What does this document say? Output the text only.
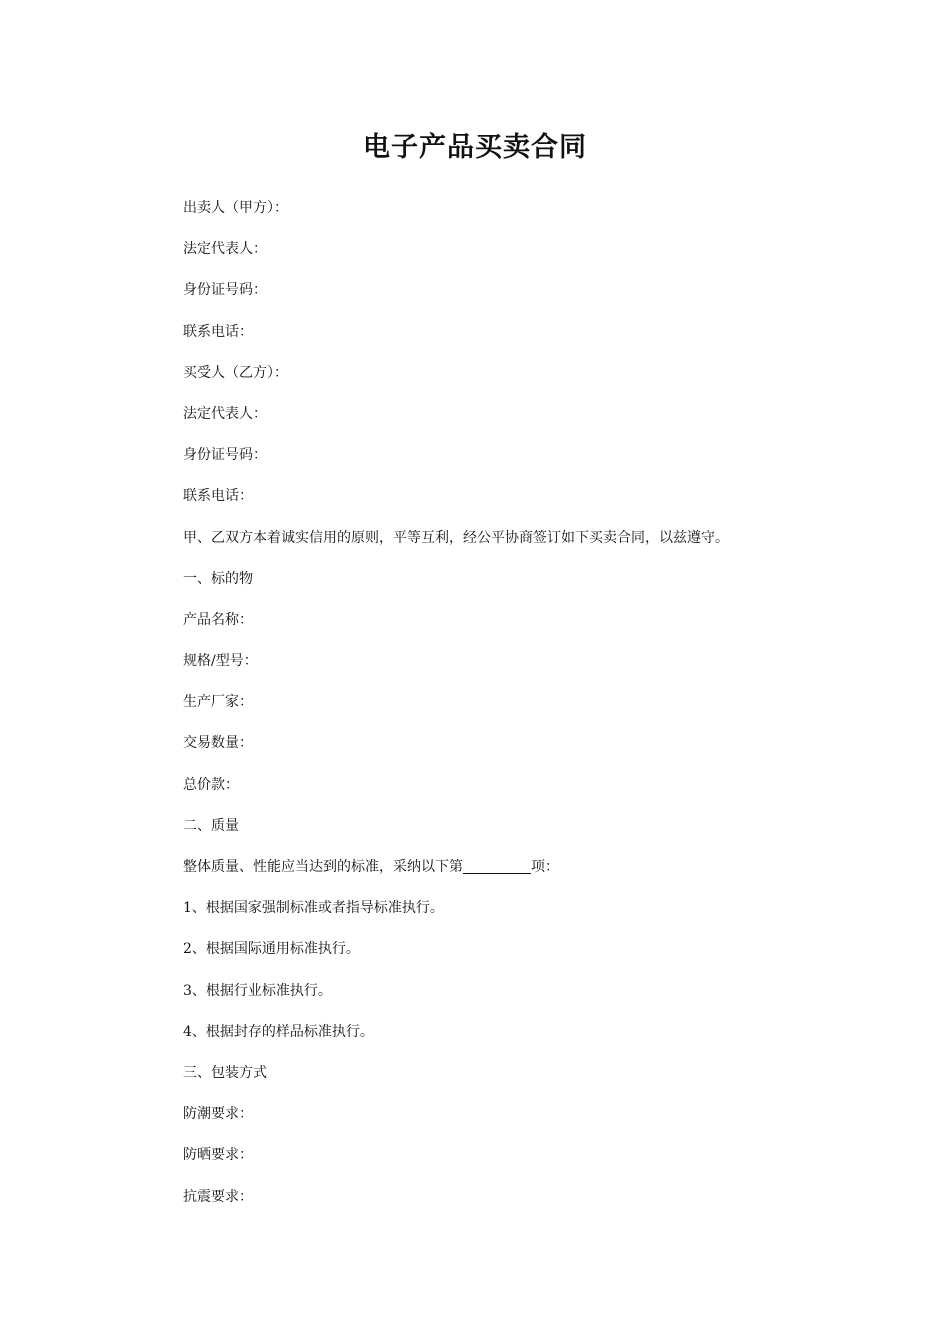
电子产品买卖合同

出卖人（甲方）：

法定代表人：

身份证号码：

联系电话：

买受人（乙方）：

法定代表人：

身份证号码：

联系电话：

甲、乙双方本着诚实信用的原则，平等互利，经公平协商签订如下买卖合同，以兹遵守。

一、标的物

产品名称：

规格/型号：

生产厂家：

交易数量：

总价款：

二、质量

整体质量、性能应当达到的标准，采纳以下第	项：

1、根据国家强制标准或者指导标准执行。

2、根据国际通用标准执行。

3、根据行业标准执行。

4、根据封存的样品标准执行。

三、包装方式

防潮要求：

防晒要求：

抗震要求：
